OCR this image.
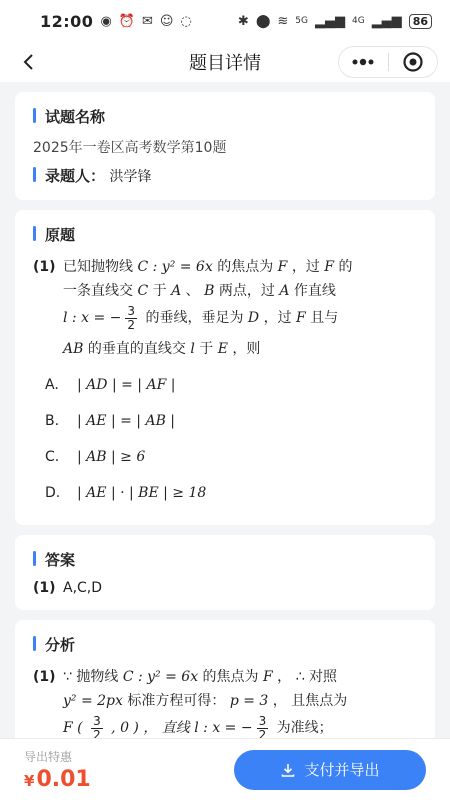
12:00 ◉ ⏰ ✉ ☺ ◌	✱ ⬤ ≋ 5G ▂▄▆ 4G ▂▄▆	86
题目详情
试题名称
2025年一卷区高考数学第10题
录题人： 洪学锋
原题
(1) 已知抛物线 C : y² = 6x 的焦点为 F ，过 F 的
一条直线交 C 于 A 、 B 两点，过 A 作直线
l : x = − $\frac{3}{2}$ 的垂线，垂足为 D ，过 F 且与
AB 的垂直的直线交 l 于 E ，则
A. | AD | = | AF |
B. | AE | = | AB |
C. | AB | ≥ 6
D. | AE | · | BE | ≥ 18
答案
(1) A,C,D
分析
(1) ∵ 抛物线 C : y² = 6x 的焦点为 F ， ∴ 对照
y² = 2px 标准方程可得： p = 3 ， 且焦点为
F ( $\frac{3}{2}$ , 0 ) ， 直线 l : x = − $\frac{3}{2}$ 为准线；
导出特惠
¥0.01	支付并导出
